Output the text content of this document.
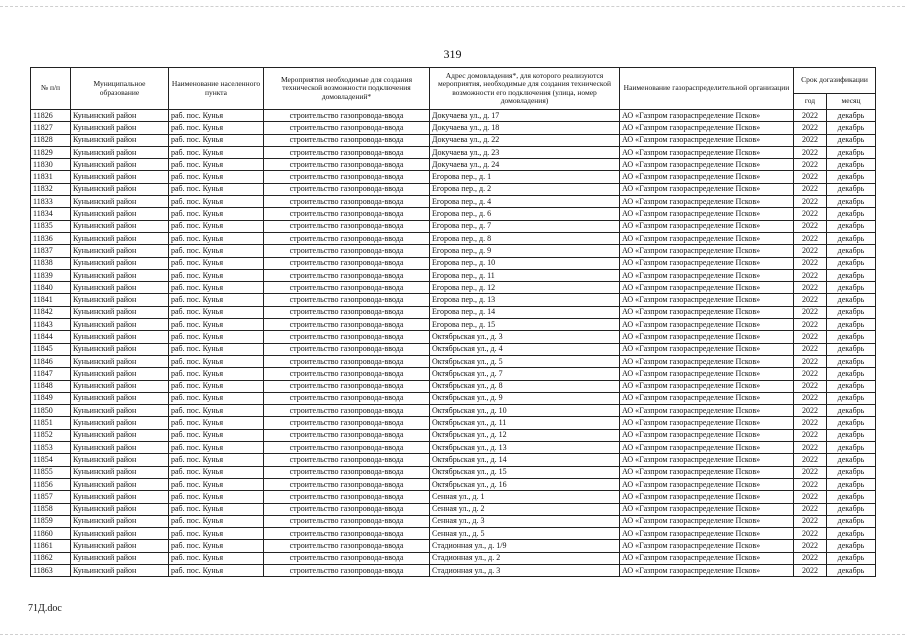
319
№ п/п	Муниципальное образование	Наименование населенного пункта	Мероприятия необходимые для создания технической возможности подключения домовладений*	Адрес домовладения*, для которого реализуются мероприятия, необходимые для создания технической возможности его подключения (улица, номер домовладения)	Наименование газораспределительной организации	Срок догазификации	
						год	месяц
11826	Куньинский район	раб. пос. Кунья	строительство газопровода-ввода	Докучаева ул., д. 17	АО «Газпром газораспределение Псков»	2022	декабрь
11827	Куньинский район	раб. пос. Кунья	строительство газопровода-ввода	Докучаева ул., д. 18	АО «Газпром газораспределение Псков»	2022	декабрь
11828	Куньинский район	раб. пос. Кунья	строительство газопровода-ввода	Докучаева ул., д. 22	АО «Газпром газораспределение Псков»	2022	декабрь
11829	Куньинский район	раб. пос. Кунья	строительство газопровода-ввода	Докучаева ул., д. 23	АО «Газпром газораспределение Псков»	2022	декабрь
11830	Куньинский район	раб. пос. Кунья	строительство газопровода-ввода	Докучаева ул., д. 24	АО «Газпром газораспределение Псков»	2022	декабрь
11831	Куньинский район	раб. пос. Кунья	строительство газопровода-ввода	Егорова пер., д. 1	АО «Газпром газораспределение Псков»	2022	декабрь
11832	Куньинский район	раб. пос. Кунья	строительство газопровода-ввода	Егорова пер., д. 2	АО «Газпром газораспределение Псков»	2022	декабрь
11833	Куньинский район	раб. пос. Кунья	строительство газопровода-ввода	Егорова пер., д. 4	АО «Газпром газораспределение Псков»	2022	декабрь
11834	Куньинский район	раб. пос. Кунья	строительство газопровода-ввода	Егорова пер., д. 6	АО «Газпром газораспределение Псков»	2022	декабрь
11835	Куньинский район	раб. пос. Кунья	строительство газопровода-ввода	Егорова пер., д. 7	АО «Газпром газораспределение Псков»	2022	декабрь
11836	Куньинский район	раб. пос. Кунья	строительство газопровода-ввода	Егорова пер., д. 8	АО «Газпром газораспределение Псков»	2022	декабрь
11837	Куньинский район	раб. пос. Кунья	строительство газопровода-ввода	Егорова пер., д. 9	АО «Газпром газораспределение Псков»	2022	декабрь
11838	Куньинский район	раб. пос. Кунья	строительство газопровода-ввода	Егорова пер., д. 10	АО «Газпром газораспределение Псков»	2022	декабрь
11839	Куньинский район	раб. пос. Кунья	строительство газопровода-ввода	Егорова пер., д. 11	АО «Газпром газораспределение Псков»	2022	декабрь
11840	Куньинский район	раб. пос. Кунья	строительство газопровода-ввода	Егорова пер., д. 12	АО «Газпром газораспределение Псков»	2022	декабрь
11841	Куньинский район	раб. пос. Кунья	строительство газопровода-ввода	Егорова пер., д. 13	АО «Газпром газораспределение Псков»	2022	декабрь
11842	Куньинский район	раб. пос. Кунья	строительство газопровода-ввода	Егорова пер., д. 14	АО «Газпром газораспределение Псков»	2022	декабрь
11843	Куньинский район	раб. пос. Кунья	строительство газопровода-ввода	Егорова пер., д. 15	АО «Газпром газораспределение Псков»	2022	декабрь
11844	Куньинский район	раб. пос. Кунья	строительство газопровода-ввода	Октябрьская ул., д. 3	АО «Газпром газораспределение Псков»	2022	декабрь
11845	Куньинский район	раб. пос. Кунья	строительство газопровода-ввода	Октябрьская ул., д. 4	АО «Газпром газораспределение Псков»	2022	декабрь
11846	Куньинский район	раб. пос. Кунья	строительство газопровода-ввода	Октябрьская ул., д. 5	АО «Газпром газораспределение Псков»	2022	декабрь
11847	Куньинский район	раб. пос. Кунья	строительство газопровода-ввода	Октябрьская ул., д. 7	АО «Газпром газораспределение Псков»	2022	декабрь
11848	Куньинский район	раб. пос. Кунья	строительство газопровода-ввода	Октябрьская ул., д. 8	АО «Газпром газораспределение Псков»	2022	декабрь
11849	Куньинский район	раб. пос. Кунья	строительство газопровода-ввода	Октябрьская ул., д. 9	АО «Газпром газораспределение Псков»	2022	декабрь
11850	Куньинский район	раб. пос. Кунья	строительство газопровода-ввода	Октябрьская ул., д. 10	АО «Газпром газораспределение Псков»	2022	декабрь
11851	Куньинский район	раб. пос. Кунья	строительство газопровода-ввода	Октябрьская ул., д. 11	АО «Газпром газораспределение Псков»	2022	декабрь
11852	Куньинский район	раб. пос. Кунья	строительство газопровода-ввода	Октябрьская ул., д. 12	АО «Газпром газораспределение Псков»	2022	декабрь
11853	Куньинский район	раб. пос. Кунья	строительство газопровода-ввода	Октябрьская ул., д. 13	АО «Газпром газораспределение Псков»	2022	декабрь
11854	Куньинский район	раб. пос. Кунья	строительство газопровода-ввода	Октябрьская ул., д. 14	АО «Газпром газораспределение Псков»	2022	декабрь
11855	Куньинский район	раб. пос. Кунья	строительство газопровода-ввода	Октябрьская ул., д. 15	АО «Газпром газораспределение Псков»	2022	декабрь
11856	Куньинский район	раб. пос. Кунья	строительство газопровода-ввода	Октябрьская ул., д. 16	АО «Газпром газораспределение Псков»	2022	декабрь
11857	Куньинский район	раб. пос. Кунья	строительство газопровода-ввода	Сенная ул., д. 1	АО «Газпром газораспределение Псков»	2022	декабрь
11858	Куньинский район	раб. пос. Кунья	строительство газопровода-ввода	Сенная ул., д. 2	АО «Газпром газораспределение Псков»	2022	декабрь
11859	Куньинский район	раб. пос. Кунья	строительство газопровода-ввода	Сенная ул., д. 3	АО «Газпром газораспределение Псков»	2022	декабрь
11860	Куньинский район	раб. пос. Кунья	строительство газопровода-ввода	Сенная ул., д. 5	АО «Газпром газораспределение Псков»	2022	декабрь
11861	Куньинский район	раб. пос. Кунья	строительство газопровода-ввода	Стадионная ул., д. 1/9	АО «Газпром газораспределение Псков»	2022	декабрь
11862	Куньинский район	раб. пос. Кунья	строительство газопровода-ввода	Стадионная ул., д. 2	АО «Газпром газораспределение Псков»	2022	декабрь
11863	Куньинский район	раб. пос. Кунья	строительство газопровода-ввода	Стадионная ул., д. 3	АО «Газпром газораспределение Псков»	2022	декабрь
71Д.doc
